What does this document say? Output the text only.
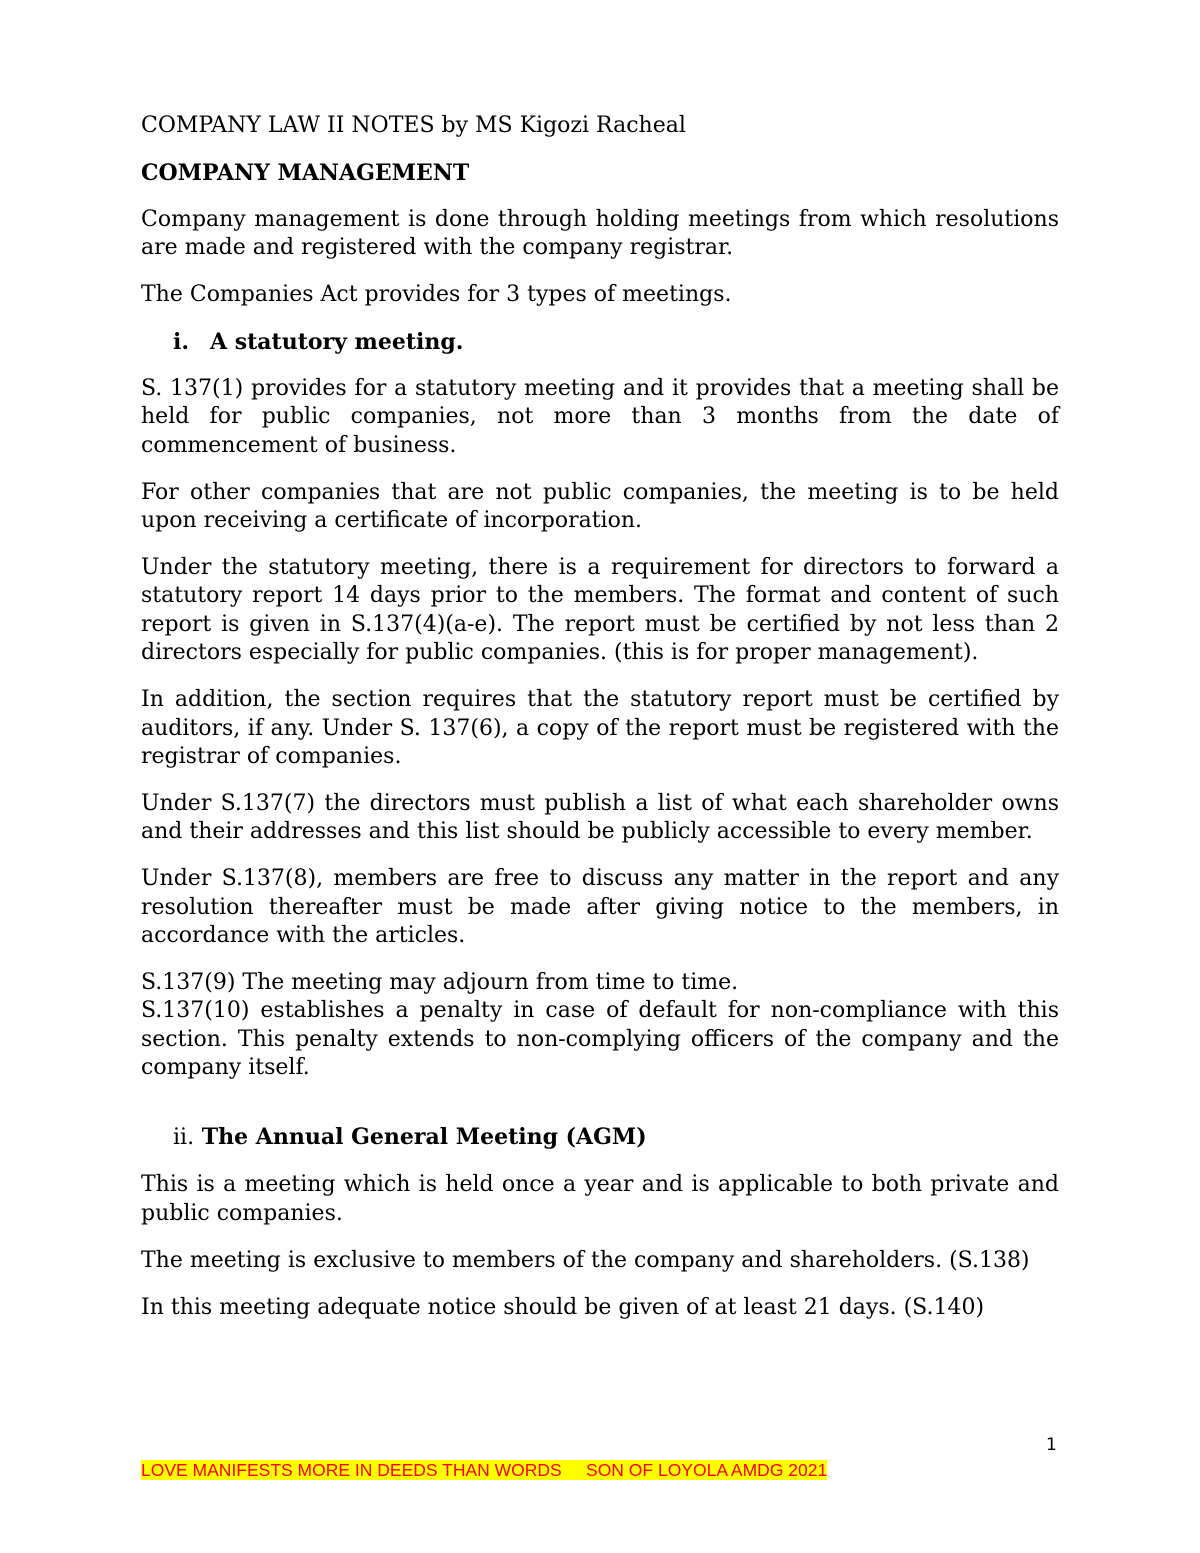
COMPANY LAW II NOTES by MS Kigozi Racheal

COMPANY MANAGEMENT

Company management is done through holding meetings from which resolutions are made and registered with the company registrar.

The Companies Act provides for 3 types of meetings.

i. A statutory meeting.

S. 137(1) provides for a statutory meeting and it provides that a meeting shall be held for public companies, not more than 3 months from the date of commencement of business.

For other companies that are not public companies, the meeting is to be held upon receiving a certificate of incorporation.

Under the statutory meeting, there is a requirement for directors to forward a statutory report 14 days prior to the members. The format and content of such report is given in S.137(4)(a-e). The report must be certified by not less than 2 directors especially for public companies. (this is for proper management).

In addition, the section requires that the statutory report must be certified by auditors, if any. Under S. 137(6), a copy of the report must be registered with the registrar of companies.

Under S.137(7) the directors must publish a list of what each shareholder owns and their addresses and this list should be publicly accessible to every member.

Under S.137(8), members are free to discuss any matter in the report and any resolution thereafter must be made after giving notice to the members, in accordance with the articles.

S.137(9) The meeting may adjourn from time to time.

S.137(10) establishes a penalty in case of default for non-compliance with this section. This penalty extends to non-complying officers of the company and the company itself.

ii. The Annual General Meeting (AGM)

This is a meeting which is held once a year and is applicable to both private and public companies.

The meeting is exclusive to members of the company and shareholders. (S.138)

In this meeting adequate notice should be given of at least 21 days. (S.140)

1
LOVE MANIFESTS MORE IN DEEDS THAN WORDS SON OF LOYOLA AMDG 2021
